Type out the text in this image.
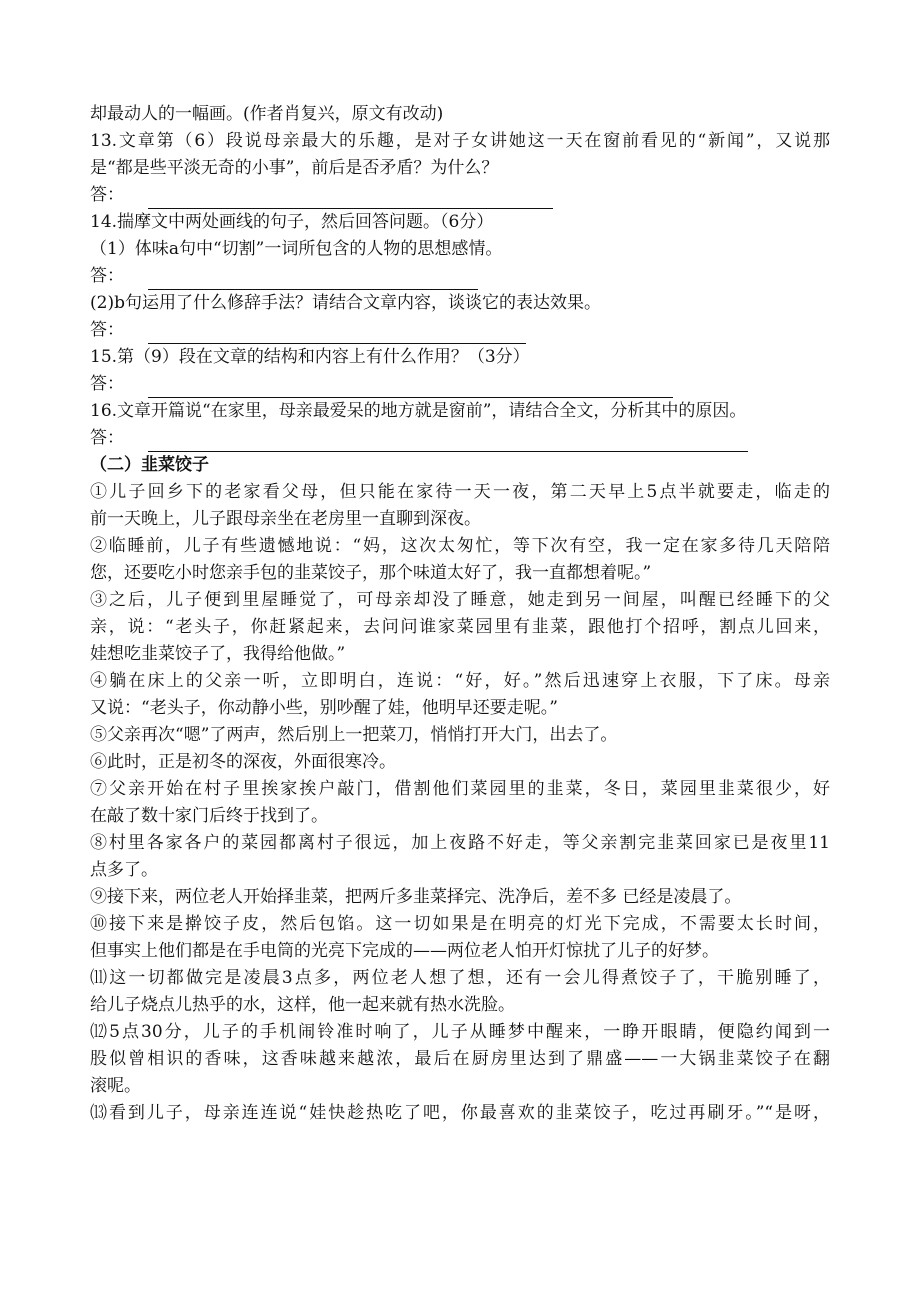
却最动人的一幅画。(作者肖复兴，原文有改动)
13.文章第（6）段说母亲最大的乐趣，是对子女讲她这一天在窗前看见的“新闻”，又说那
是“都是些平淡无奇的小事”，前后是否矛盾？为什么？
答：
14.揣摩文中两处画线的句子，然后回答问题。（6分）
（1）体味a句中“切割”一词所包含的人物的思想感情。
答：
(2)b句运用了什么修辞手法？请结合文章内容，谈谈它的表达效果。
答：
15.第（9）段在文章的结构和内容上有什么作用？（3分）
答：
16.文章开篇说“在家里，母亲最爱呆的地方就是窗前”，请结合全文，分析其中的原因。
答：
（二）韭菜饺子
①儿子回乡下的老家看父母，但只能在家待一天一夜，第二天早上5点半就要走，临走的
前一天晚上，儿子跟母亲坐在老房里一直聊到深夜。
②临睡前，儿子有些遗憾地说：“妈，这次太匆忙，等下次有空，我一定在家多待几天陪陪
您，还要吃小时您亲手包的韭菜饺子，那个味道太好了，我一直都想着呢。”
③之后，儿子便到里屋睡觉了，可母亲却没了睡意，她走到另一间屋，叫醒已经睡下的父
亲，说：“老头子，你赶紧起来，去问问谁家菜园里有韭菜，跟他打个招呼，割点儿回来，
娃想吃韭菜饺子了，我得给他做。”
④躺在床上的父亲一听，立即明白，连说：“好，好。”然后迅速穿上衣服，下了床。母亲
又说：“老头子，你动静小些，别吵醒了娃，他明早还要走呢。”
⑤父亲再次“嗯”了两声，然后別上一把菜刀，悄悄打开大门，出去了。
⑥此时，正是初冬的深夜，外面很寒冷。
⑦父亲开始在村子里挨家挨户敲门，借割他们菜园里的韭菜，冬日，菜园里韭菜很少，好
在敲了数十家门后终于找到了。
⑧村里各家各户的菜园都离村子很远，加上夜路不好走，等父亲割完韭菜回家已是夜里11
点多了。
⑨接下来，两位老人开始择韭菜，把两斤多韭菜择完、洗净后，差不多 已经是凌晨了。
⑩接下来是擀饺子皮，然后包馅。这一切如果是在明亮的灯光下完成，不需要太长时间，
但事实上他们都是在手电筒的光亮下完成的——两位老人怕开灯惊扰了儿子的好梦。
⑾这一切都做完是凌晨3点多，两位老人想了想，还有一会儿得煮饺子了，干脆别睡了，
给儿子烧点儿热乎的水，这样，他一起来就有热水洗脸。
⑿5点30分，儿子的手机闹铃准时响了，儿子从睡梦中醒来，一睁开眼睛，便隐约闻到一
股似曾相识的香味，这香味越来越浓，最后在厨房里达到了鼎盛——一大锅韭菜饺子在翻
滚呢。
⒀看到儿子，母亲连连说“娃快趁热吃了吧，你最喜欢的韭菜饺子，吃过再刷牙。”“是呀，
